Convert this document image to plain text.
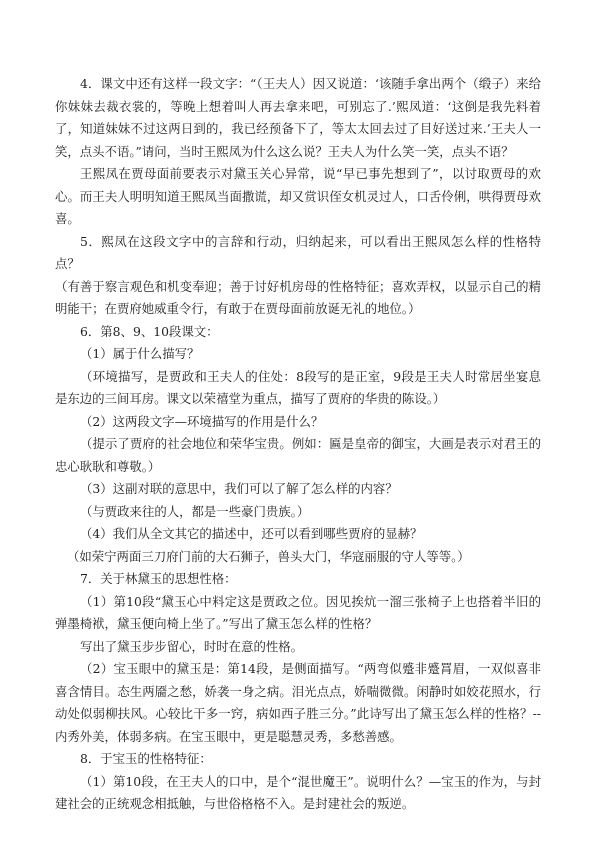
4．课文中还有这样一段文字：“（王夫人）因又说道：‘该随手拿出两个（缎子）来给你妹妹去裁衣裳的，等晚上想着叫人再去拿来吧，可别忘了.’熙凤道：‘这倒是我先料着了，知道妹妹不过这两日到的，我已经预备下了，等太太回去过了目好送过来.’王夫人一笑，点头不语。”请问，当时王熙凤为什么这么说？王夫人为什么笑一笑，点头不语？

王熙凤在贾母面前要表示对黛玉关心异常，说“早已事先想到了”，以讨取贾母的欢心。而王夫人明明知道王熙凤当面撒谎，却又赏识侄女机灵过人，口舌伶俐，哄得贾母欢喜。

5．熙凤在这段文字中的言辞和行动，归纳起来，可以看出王熙凤怎么样的性格特点？

（有善于察言观色和机变奉迎；善于讨好机房母的性格特征；喜欢弄权，以显示自己的精明能干；在贾府她威重令行，有敢于在贾母面前放诞无礼的地位。）

6．第8、9、10段课文：

（1）属于什么描写？

（环境描写，是贾政和王夫人的住处：8段写的是正室，9段是王夫人时常居坐宴息是东边的三间耳房。课文以荣禧堂为重点，描写了贾府的华贵的陈设。）

（2）这两段文字—环境描写的作用是什么？

（提示了贾府的社会地位和荣华宝贵。例如：匾是皇帝的御宝，大画是表示对君王的忠心耿耿和尊敬。）

（3）这副对联的意思中，我们可以了解了怎么样的内容？

（与贾政来往的人，都是一些豪门贵族。）

（4）我们从全文其它的描述中，还可以看到哪些贾府的显赫？

（如荣宁两面三刀府门前的大石狮子，兽头大门，华寇丽服的守人等等。）

7．关于林黛玉的思想性格：

（1）第10段“黛玉心中料定这是贾政之位。因见挨炕一溜三张椅子上也搭着半旧的弹墨椅袱，黛玉便向椅上坐了。”写出了黛玉怎么样的性格？

写出了黛玉步步留心，时时在意的性格。

（2）宝玉眼中的黛玉是：第14段，是侧面描写。“两弯似蹙非蹙罥眉，一双似喜非喜含情目。态生两靥之愁，娇袭一身之病。泪光点点，娇喘微微。闲静时如姣花照水，行动处似弱柳扶风。心较比干多一窍，病如西子胜三分。”此诗写出了黛玉怎么样的性格？--内秀外美，体弱多病。在宝玉眼中，更是聪慧灵秀，多愁善感。

8．于宝玉的性格特征：

（1）第10段，在王夫人的口中，是个“混世魔王”。说明什么？—宝玉的作为，与封建社会的正统观念相抵触，与世俗格格不入。是封建社会的叛逆。
